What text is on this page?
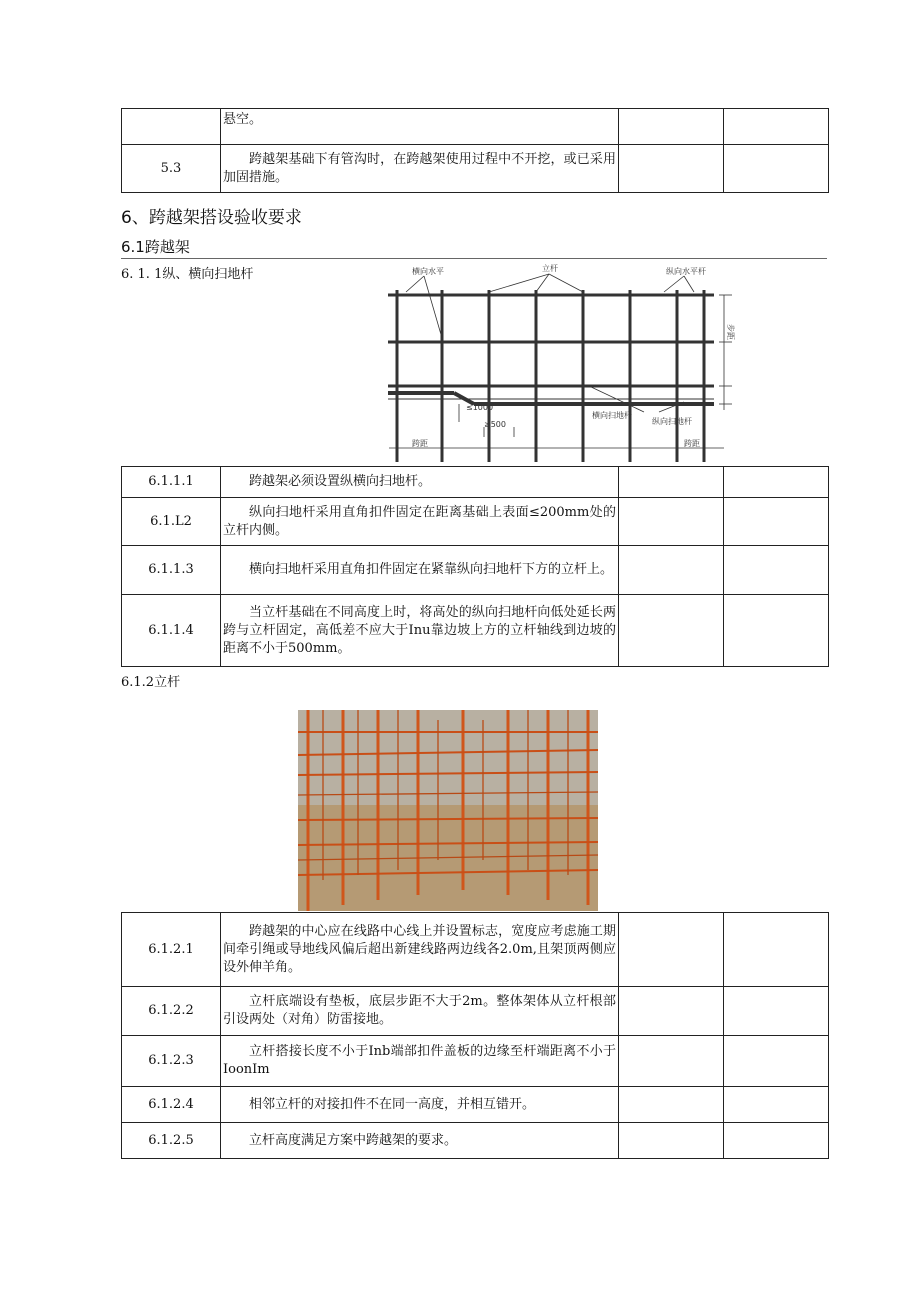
	悬空。		
5.3	跨越架基础下有管沟时，在跨越架使用过程中不开挖，或已采用加固措施。		
6、跨越架搭设验收要求
6.1跨越架
6. 1. 1纵、横向扫地杆	横向水平	立杆	纵向水平杆
步距
≤1000
≥500
横向扫地杆
纵向扫地杆
跨距	跨距
6.1.1.1	跨越架必须设置纵横向扫地杆。		
6.1.L2	纵向扫地杆采用直角扣件固定在距离基础上表面≤200mm处的立杆内侧。		
6.1.1.3	横向扫地杆采用直角扣件固定在紧靠纵向扫地杆下方的立杆上。		
6.1.1.4	当立杆基础在不同高度上时，将高处的纵向扫地杆向低处延长两跨与立杆固定，高低差不应大于Inu靠边坡上方的立杆轴线到边坡的距离不小于500mm。		
6.1.2立杆
6.1.2.1	跨越架的中心应在线路中心线上并设置标志，宽度应考虑施工期间牵引绳或导地线风偏后超出新建线路两边线各2.0m,且架顶两侧应设外伸羊角。		
6.1.2.2	立杆底端设有垫板，底层步距不大于2m。整体架体从立杆根部引设两处（对角）防雷接地。		
6.1.2.3	立杆搭接长度不小于Inb端部扣件盖板的边缘至杆端距离不小于IoonIm		
6.1.2.4	相邻立杆的对接扣件不在同一高度，并相互错开。		
6.1.2.5	立杆高度满足方案中跨越架的要求。		
